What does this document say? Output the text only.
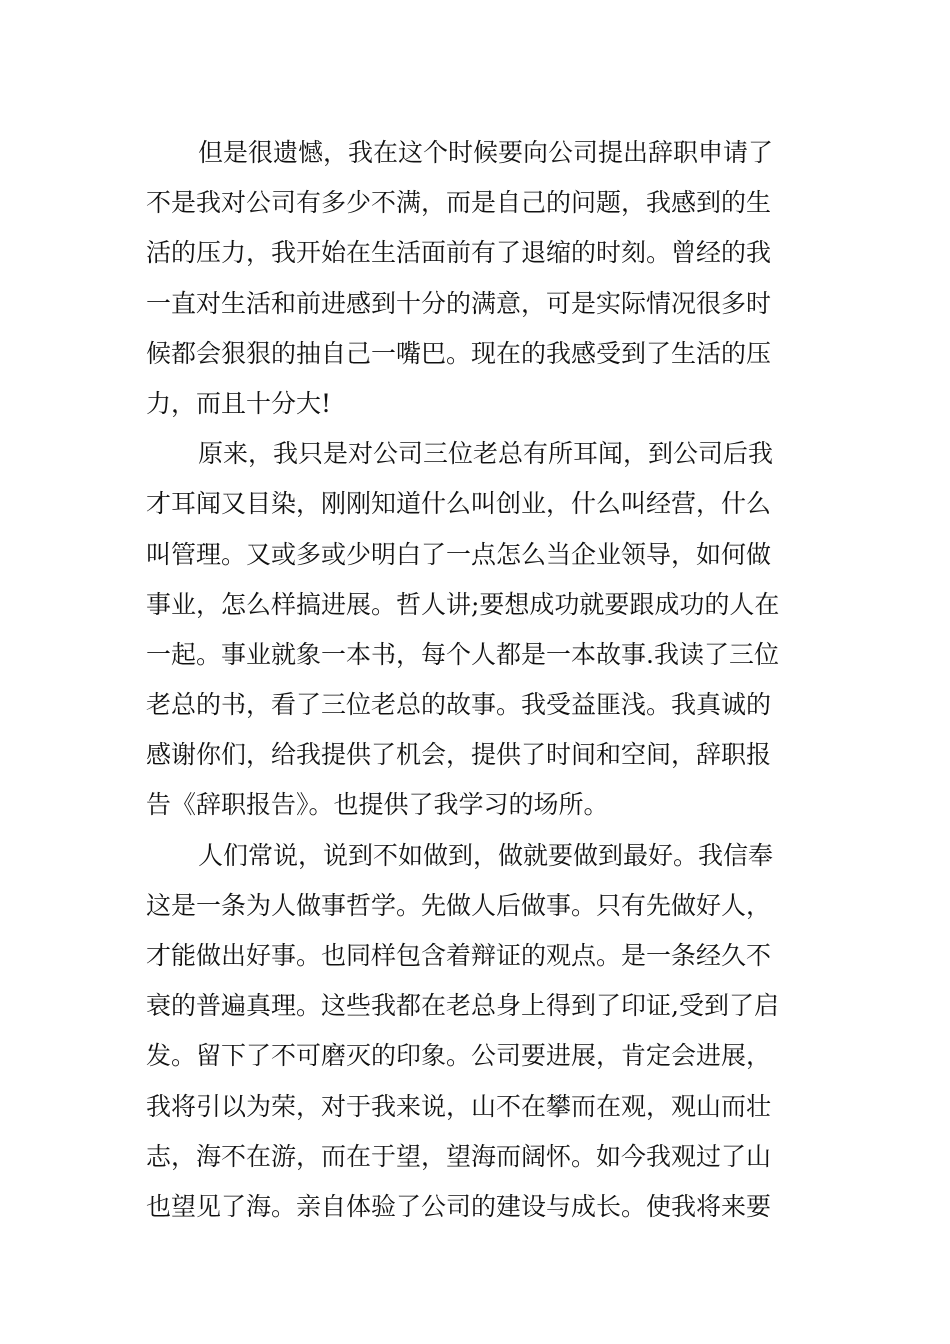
但是很遗憾，我在这个时候要向公司提出辞职申请了
不是我对公司有多少不满，而是自己的问题，我感到的生
活的压力，我开始在生活面前有了退缩的时刻。曾经的我
一直对生活和前进感到十分的满意，可是实际情况很多时
候都会狠狠的抽自己一嘴巴。现在的我感受到了生活的压
力，而且十分大!
原来，我只是对公司三位老总有所耳闻，到公司后我
才耳闻又目染，刚刚知道什么叫创业，什么叫经营，什么
叫管理。又或多或少明白了一点怎么当企业领导，如何做
事业，怎么样搞进展。哲人讲;要想成功就要跟成功的人在
一起。事业就象一本书，每个人都是一本故事.我读了三位
老总的书，看了三位老总的故事。我受益匪浅。我真诚的
感谢你们，给我提供了机会，提供了时间和空间，辞职报
告《辞职报告》。也提供了我学习的场所。
人们常说，说到不如做到，做就要做到最好。我信奉
这是一条为人做事哲学。先做人后做事。只有先做好人，
才能做出好事。也同样包含着辩证的观点。是一条经久不
衰的普遍真理。这些我都在老总身上得到了印证,受到了启
发。留下了不可磨灭的印象。公司要进展，肯定会进展，
我将引以为荣，对于我来说，山不在攀而在观，观山而壮
志，海不在游，而在于望，望海而阔怀。如今我观过了山
也望见了海。亲自体验了公司的建设与成长。使我将来要
